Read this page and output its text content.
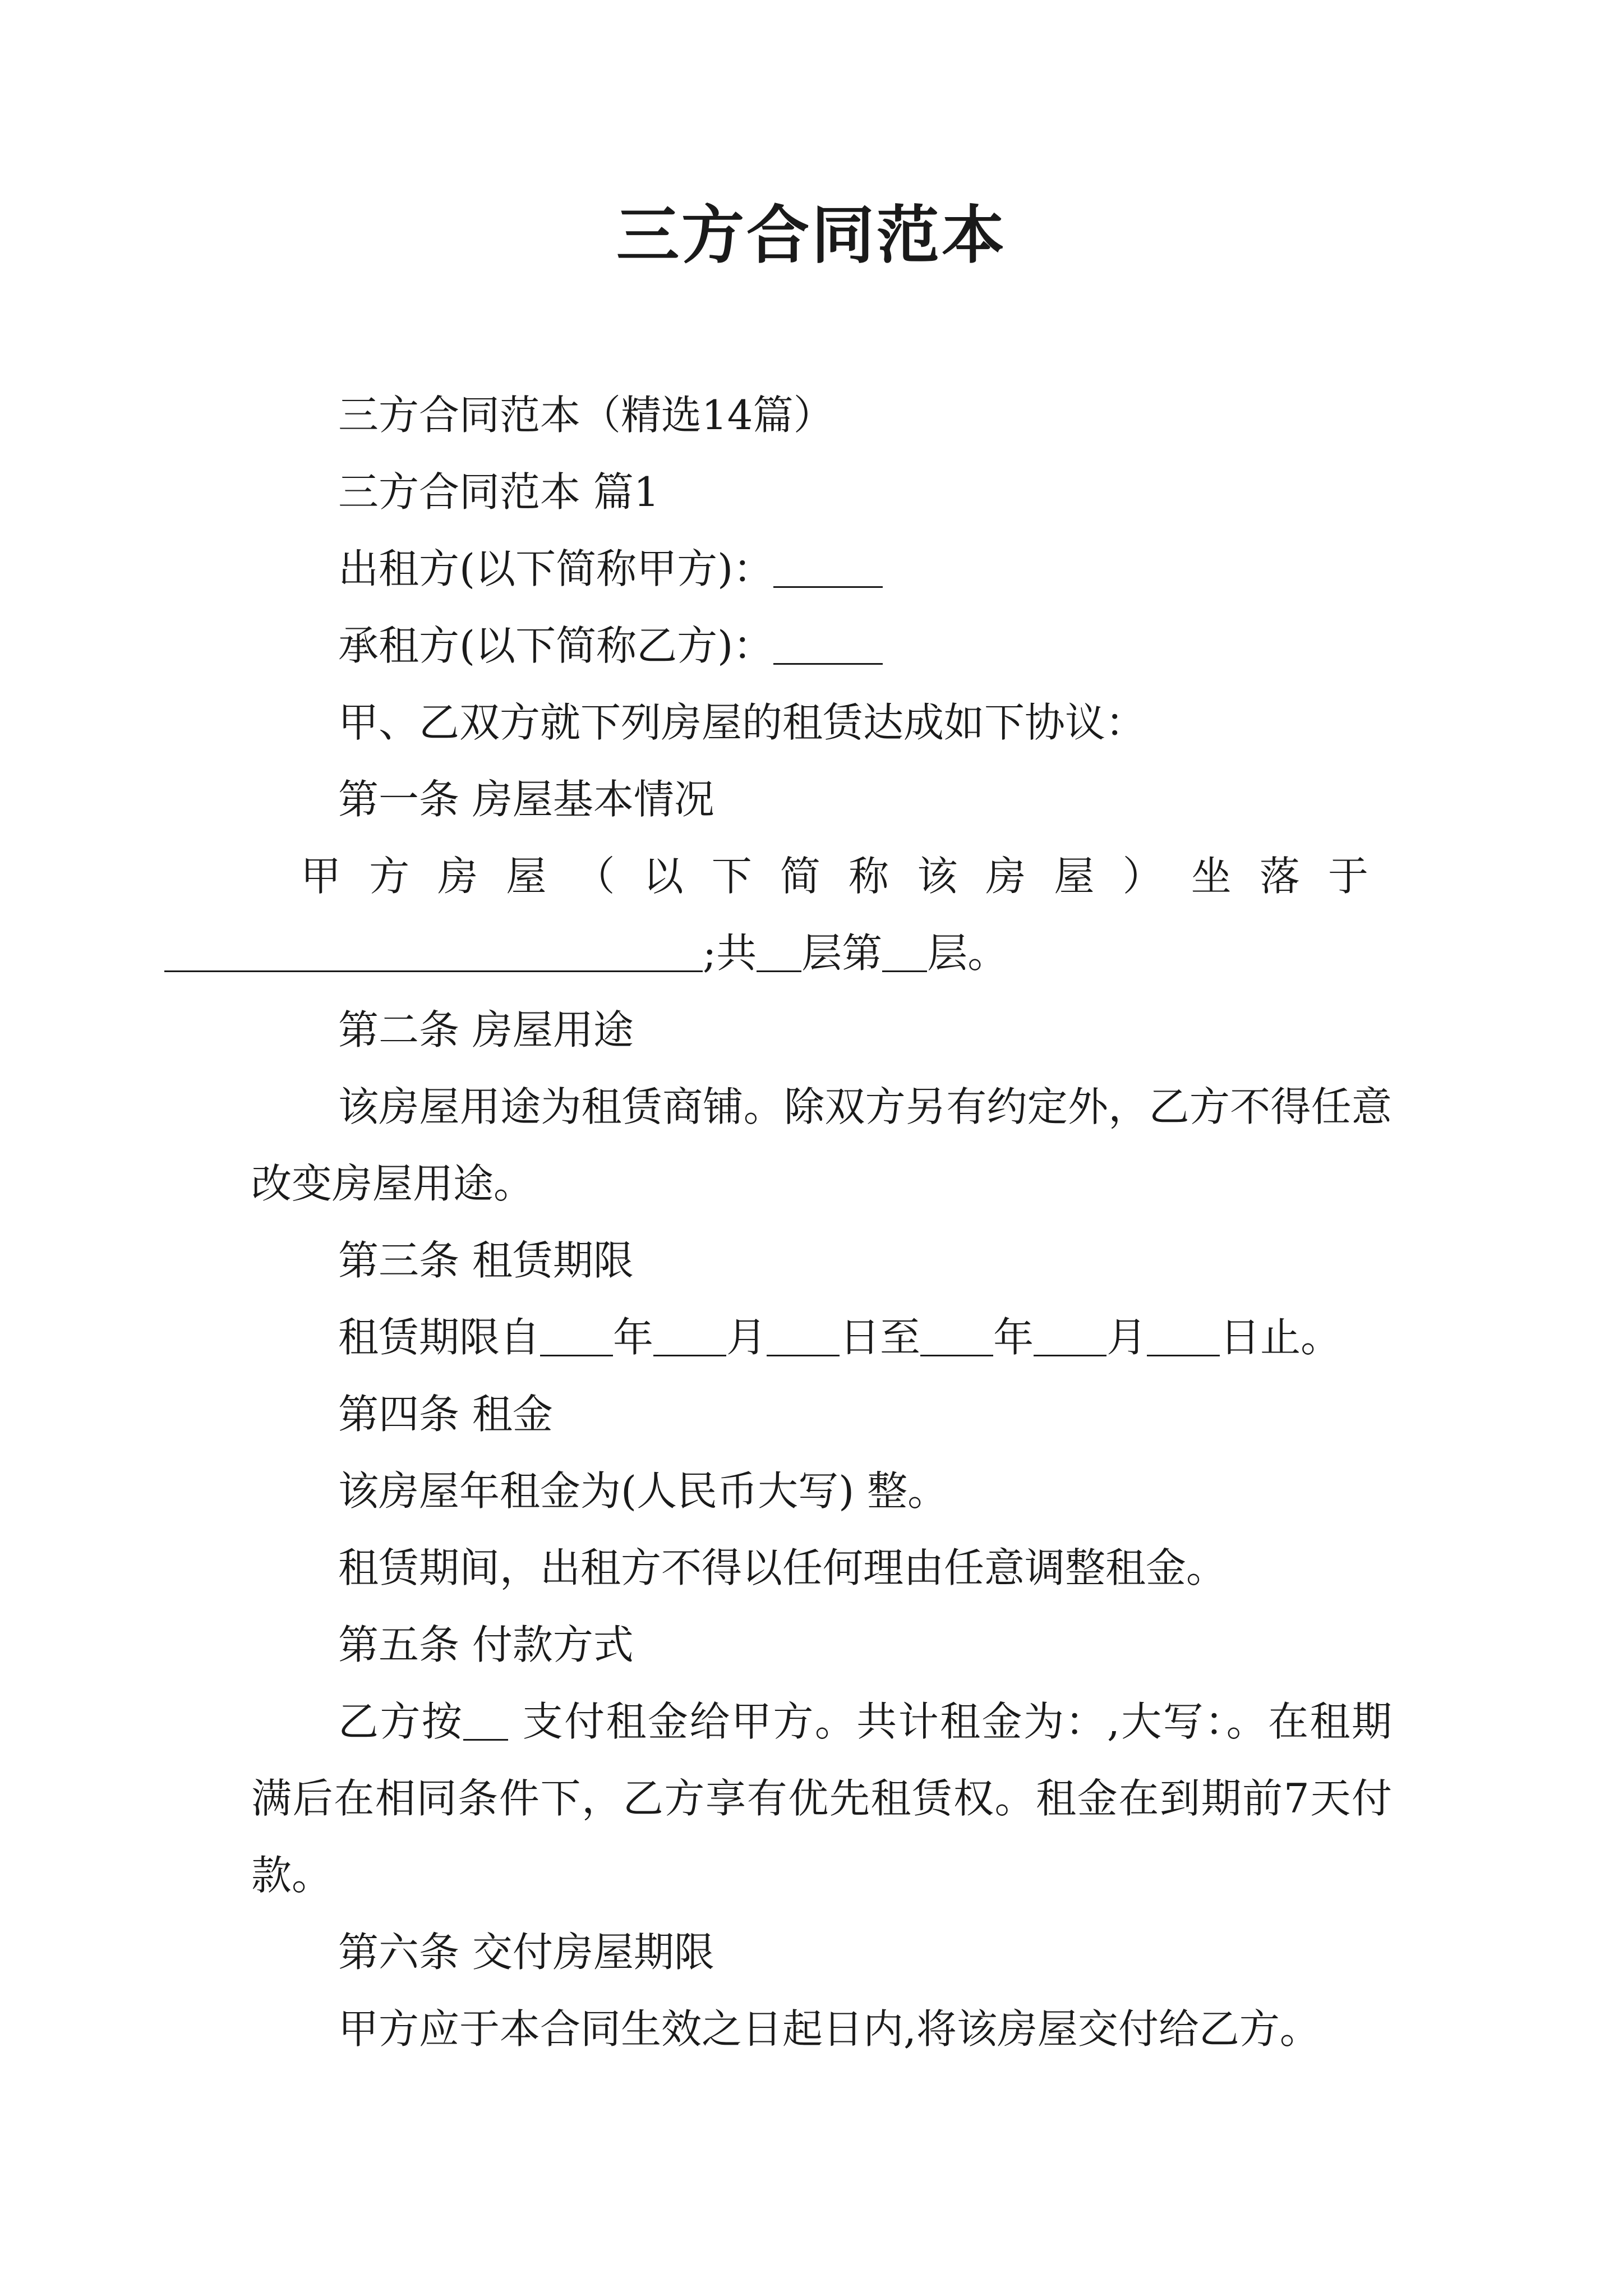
三方合同范本

三方合同范本（精选14篇）

三方合同范本 篇1

出租方(以下简称甲方)：

承租方(以下简称乙方)：

甲、乙双方就下列房屋的租赁达成如下协议：

第一条 房屋基本情况

甲方房屋（以下简称该房屋）坐落于;共 层第 层。

第二条 房屋用途

该房屋用途为租赁商铺。除双方另有约定外，乙方不得任意改变房屋用途。

第三条 租赁期限

租赁期限自 年 月 日至 年 月 日止。

第四条 租金

该房屋年租金为(人民币大写) 整。

租赁期间，出租方不得以任何理由任意调整租金。

第五条 付款方式

乙方按 支付租金给甲方。共计租金为：,大写：。在租期满后在相同条件下，乙方享有优先租赁权。租金在到期前7天付款。

第六条 交付房屋期限

甲方应于本合同生效之日起日内,将该房屋交付给乙方。
